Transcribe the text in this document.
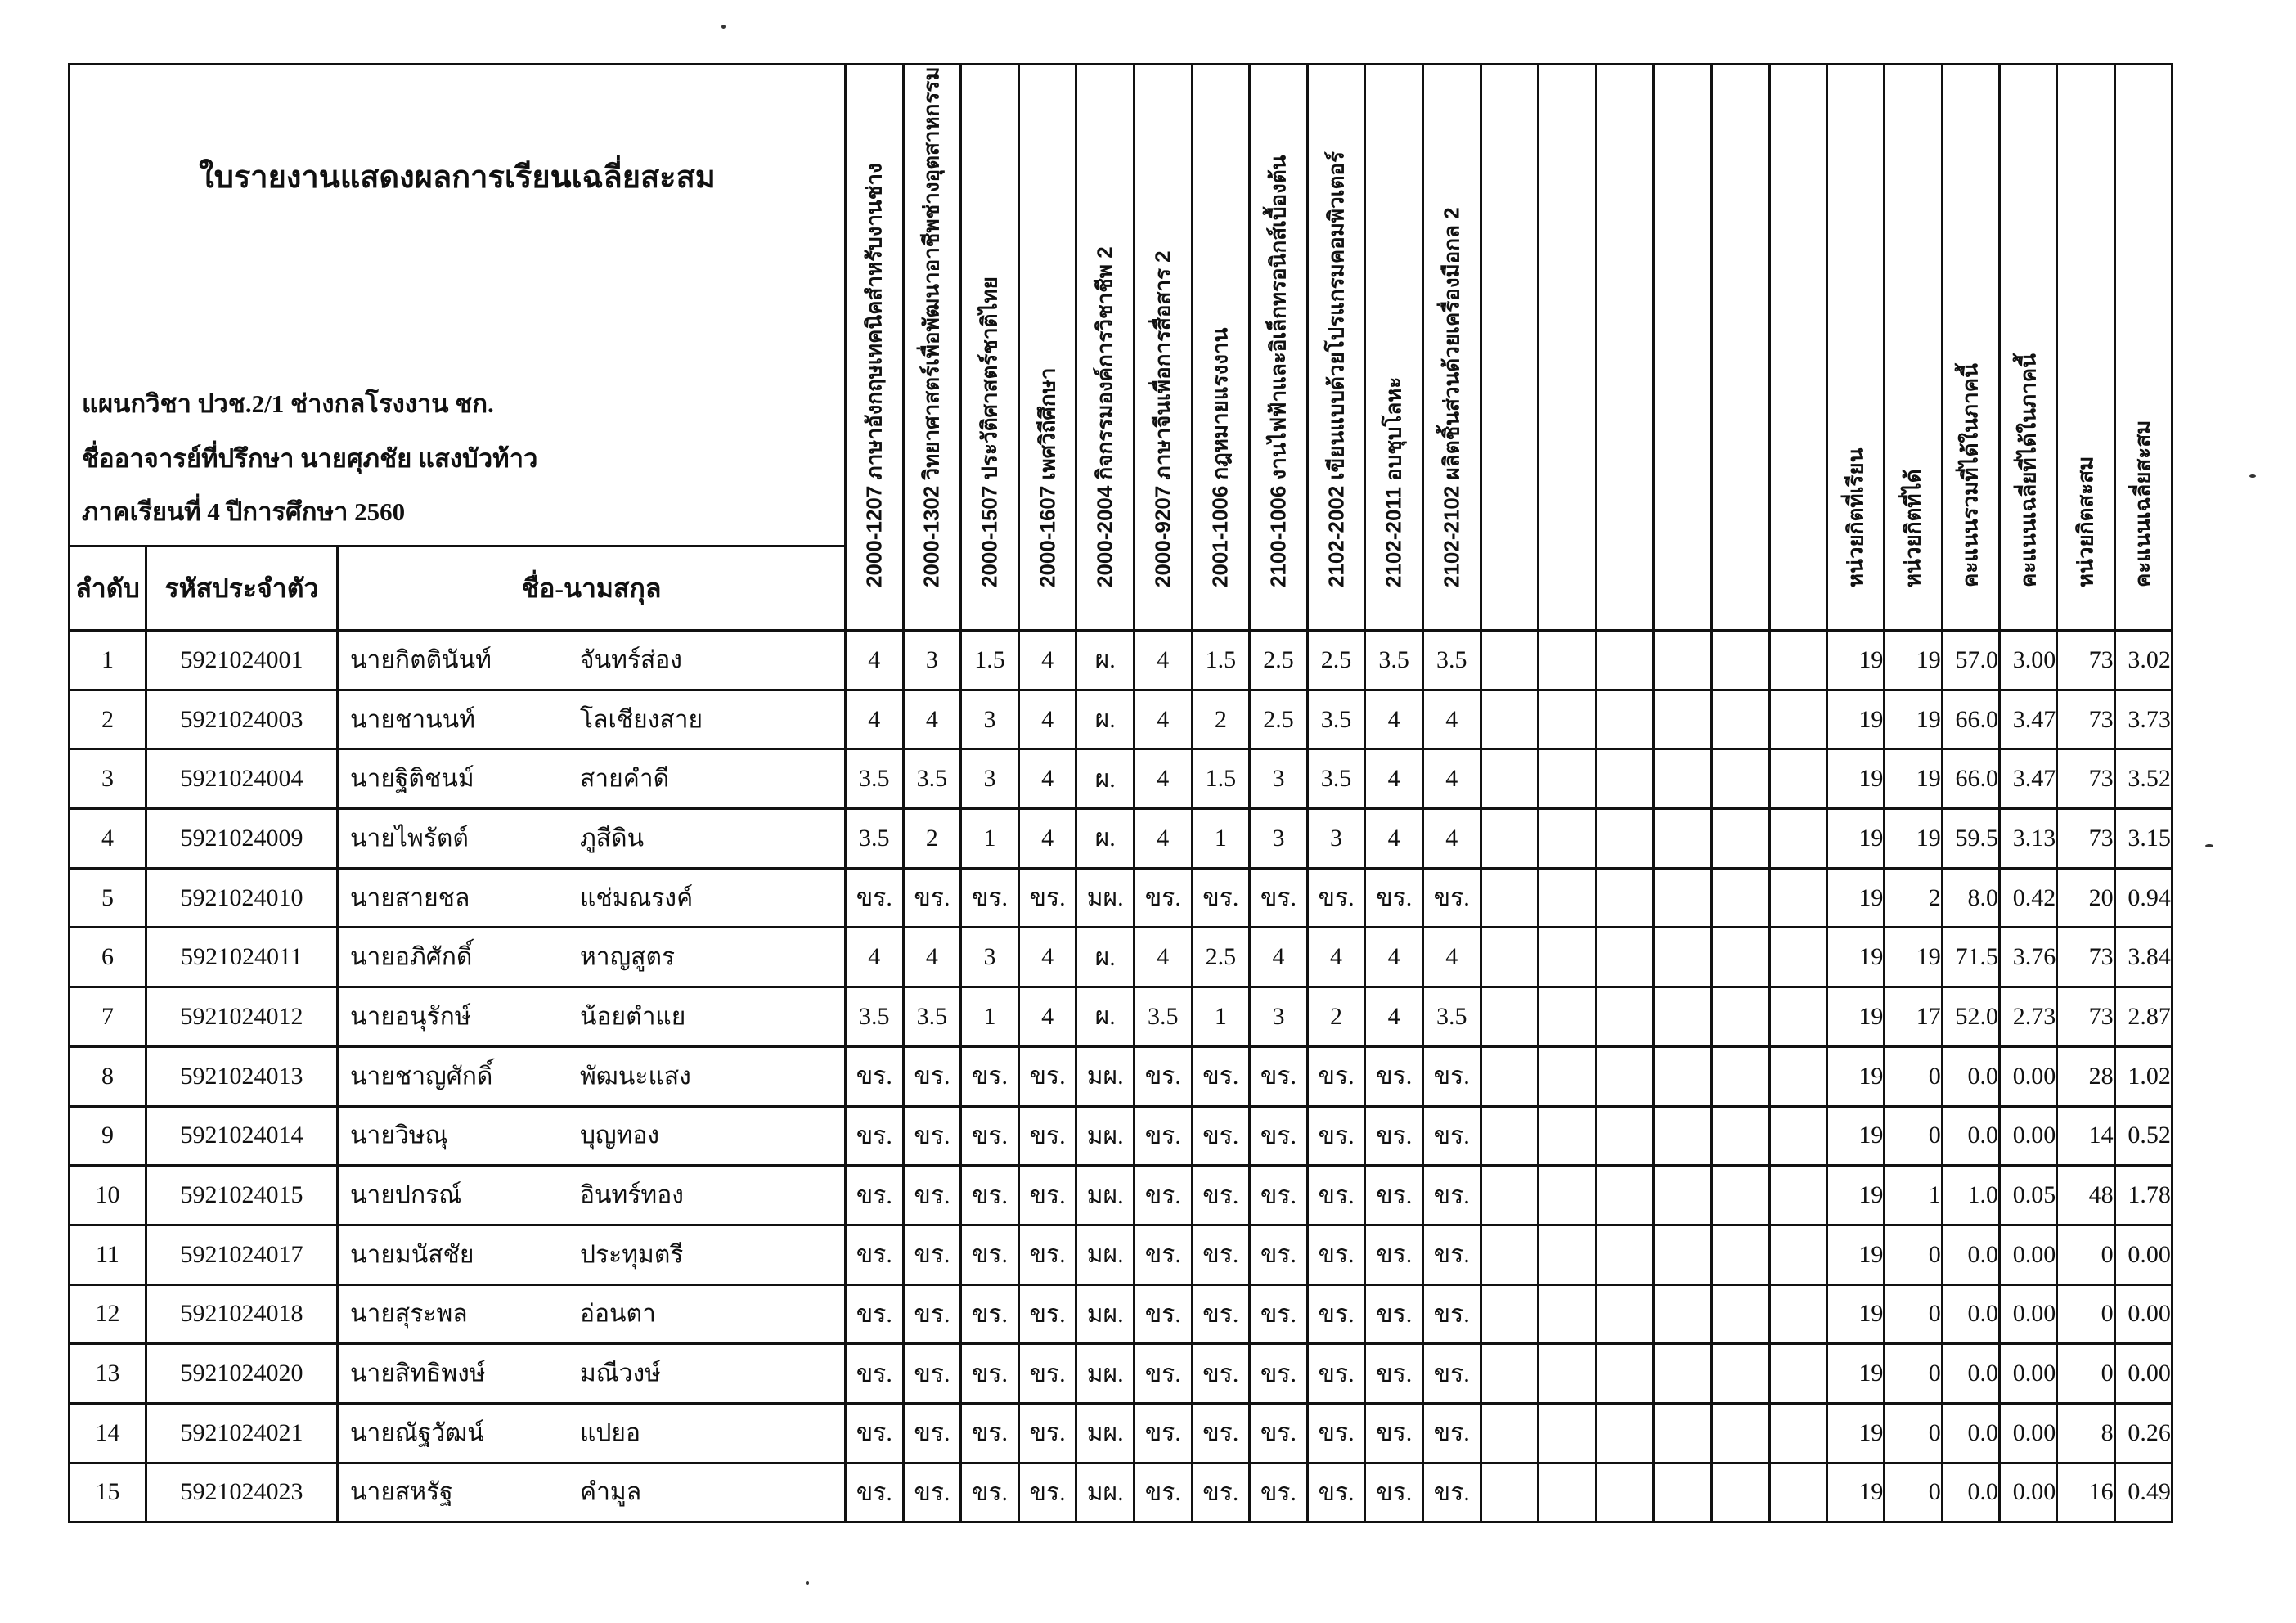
ใบรายงานแสดงผลการเรียนเฉลี่ยสะสม
แผนกวิชา ปวช.2/1 ช่างกลโรงงาน ชก.
ชื่ออาจารย์ที่ปรึกษา นายศุภชัย แสงบัวท้าว
ภาคเรียนที่ 4 ปีการศึกษา 2560			2000-1207 ภาษาอังกฤษเทคนิคสำหรับงานช่าง	2000-1302 วิทยาศาสตร์เพื่อพัฒนาอาชีพช่างอุตสาหกรรม	2000-1507 ประวัติศาสตร์ชาติไทย	2000-1607 เพศวิถีศึกษา	2000-2004 กิจกรรมองค์การวิชาชีพ 2	2000-9207 ภาษาจีนเพื่อการสื่อสาร 2	2001-1006 กฎหมายแรงงาน	2100-1006 งานไฟฟ้าและอิเล็กทรอนิกส์เบื้องต้น	2102-2002 เขียนแบบด้วยโปรแกรมคอมพิวเตอร์	2102-2011 อบชุบโลหะ	2102-2102 ผลิตชิ้นส่วนด้วยเครื่องมือกล 2							หน่วยกิตที่เรียน	หน่วยกิตที่ได้	คะแนนรวมที่ได้ในภาคนี้	คะแนนเฉลี่ยที่ได้ในภาคนี้	หน่วยกิตสะสม	คะแนนเฉลี่ยสะสม

ลำดับ	รหัสประจำตัว	ชื่อ-นามสกุล																							
1	5921024001	นายกิตตินันท์ จันทร์ส่อง	4	3	1.5	4	ผ.	4	1.5	2.5	2.5	3.5	3.5							19	19	57.0	3.00	73	3.02
2	5921024003	นายชานนท์ โลเชียงสาย	4	4	3	4	ผ.	4	2	2.5	3.5	4	4							19	19	66.0	3.47	73	3.73
3	5921024004	นายฐิติชนม์ สายคำดี	3.5	3.5	3	4	ผ.	4	1.5	3	3.5	4	4							19	19	66.0	3.47	73	3.52
4	5921024009	นายไพรัตต์ ภูสีดิน	3.5	2	1	4	ผ.	4	1	3	3	4	4							19	19	59.5	3.13	73	3.15
5	5921024010	นายสายชล แช่มณรงค์	ขร.	ขร.	ขร.	ขร.	มผ.	ขร.	ขร.	ขร.	ขร.	ขร.	ขร.							19	2	8.0	0.42	20	0.94
6	5921024011	นายอภิศักดิ์ หาญสูตร	4	4	3	4	ผ.	4	2.5	4	4	4	4							19	19	71.5	3.76	73	3.84
7	5921024012	นายอนุรักษ์ น้อยตำแย	3.5	3.5	1	4	ผ.	3.5	1	3	2	4	3.5							19	17	52.0	2.73	73	2.87
8	5921024013	นายชาญศักดิ์ พัฒนะแสง	ขร.	ขร.	ขร.	ขร.	มผ.	ขร.	ขร.	ขร.	ขร.	ขร.	ขร.							19	0	0.0	0.00	28	1.02
9	5921024014	นายวิษณุ บุญทอง	ขร.	ขร.	ขร.	ขร.	มผ.	ขร.	ขร.	ขร.	ขร.	ขร.	ขร.							19	0	0.0	0.00	14	0.52
10	5921024015	นายปกรณ์ อินทร์ทอง	ขร.	ขร.	ขร.	ขร.	มผ.	ขร.	ขร.	ขร.	ขร.	ขร.	ขร.							19	1	1.0	0.05	48	1.78
11	5921024017	นายมนัสชัย ประทุมตรี	ขร.	ขร.	ขร.	ขร.	มผ.	ขร.	ขร.	ขร.	ขร.	ขร.	ขร.							19	0	0.0	0.00	0	0.00
12	5921024018	นายสุระพล อ่อนตา	ขร.	ขร.	ขร.	ขร.	มผ.	ขร.	ขร.	ขร.	ขร.	ขร.	ขร.							19	0	0.0	0.00	0	0.00
13	5921024020	นายสิทธิพงษ์ มณีวงษ์	ขร.	ขร.	ขร.	ขร.	มผ.	ขร.	ขร.	ขร.	ขร.	ขร.	ขร.							19	0	0.0	0.00	0	0.00
14	5921024021	นายณัฐวัฒน์ แปยอ	ขร.	ขร.	ขร.	ขร.	มผ.	ขร.	ขร.	ขร.	ขร.	ขร.	ขร.							19	0	0.0	0.00	8	0.26
15	5921024023	นายสหรัฐ คำมูล	ขร.	ขร.	ขร.	ขร.	มผ.	ขร.	ขร.	ขร.	ขร.	ขร.	ขร.							19	0	0.0	0.00	16	0.49
